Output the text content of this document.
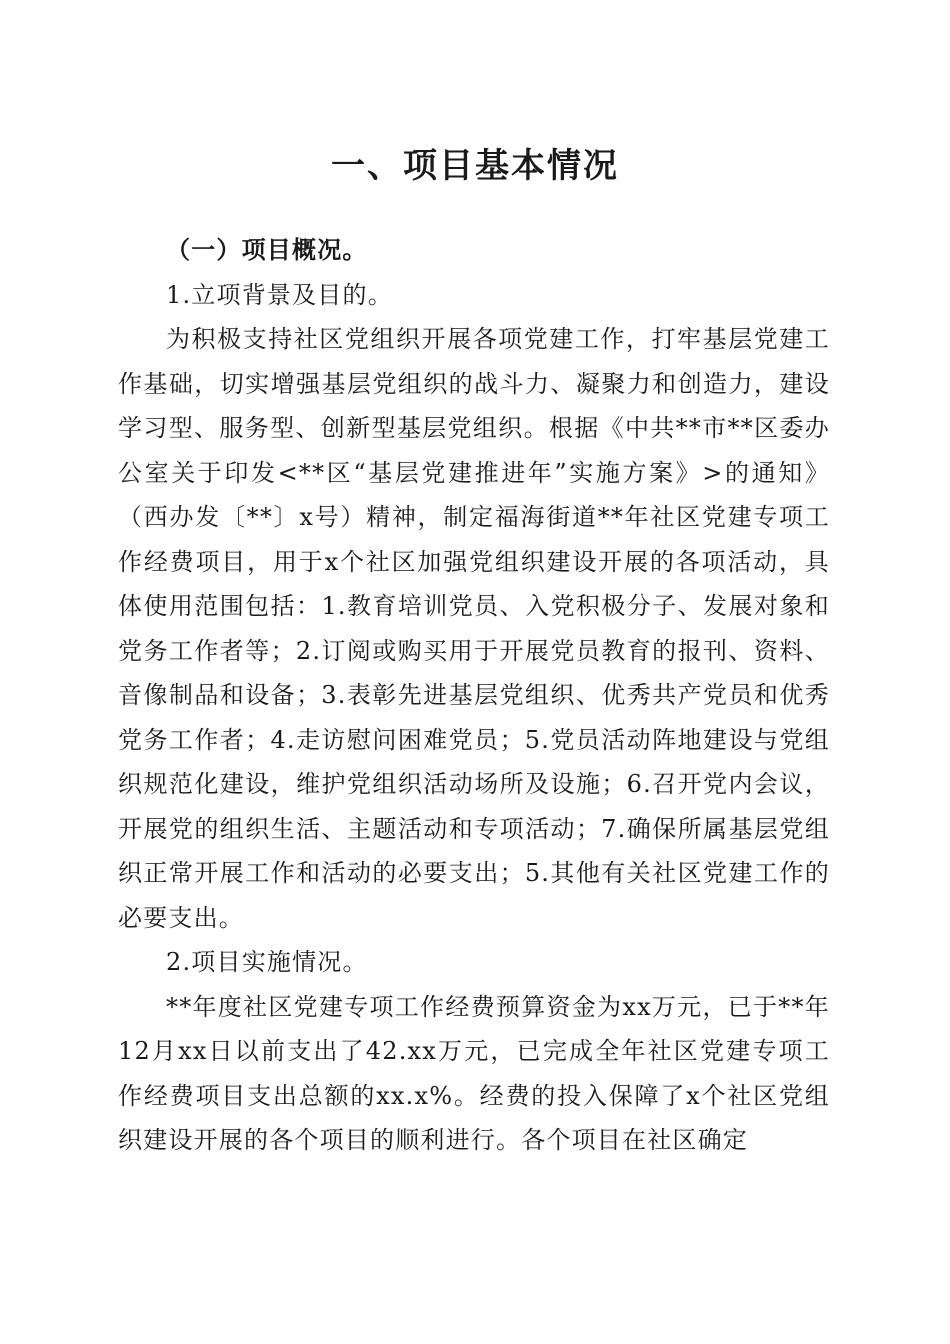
一、项目基本情况

（一）项目概况。

1.立项背景及目的。

为积极支持社区党组织开展各项党建工作，打牢基层党建工作基础，切实增强基层党组织的战斗力、凝聚力和创造力，建设学习型、服务型、创新型基层党组织。根据《中共**市**区委办公室关于印发<**区“基层党建推进年”实施方案》>的通知》（西办发〔**〕x号）精神，制定福海街道**年社区党建专项工作经费项目，用于x个社区加强党组织建设开展的各项活动，具体使用范围包括：1.教育培训党员、入党积极分子、发展对象和党务工作者等；2.订阅或购买用于开展党员教育的报刊、资料、音像制品和设备；3.表彰先进基层党组织、优秀共产党员和优秀党务工作者；4.走访慰问困难党员；5.党员活动阵地建设与党组织规范化建设，维护党组织活动场所及设施；6.召开党内会议，开展党的组织生活、主题活动和专项活动；7.确保所属基层党组织正常开展工作和活动的必要支出；5.其他有关社区党建工作的必要支出。

2.项目实施情况。

**年度社区党建专项工作经费预算资金为xx万元，已于**年12月xx日以前支出了42.xx万元，已完成全年社区党建专项工作经费项目支出总额的xx.x%。经费的投入保障了x个社区党组织建设开展的各个项目的顺利进行。各个项目在社区确定
